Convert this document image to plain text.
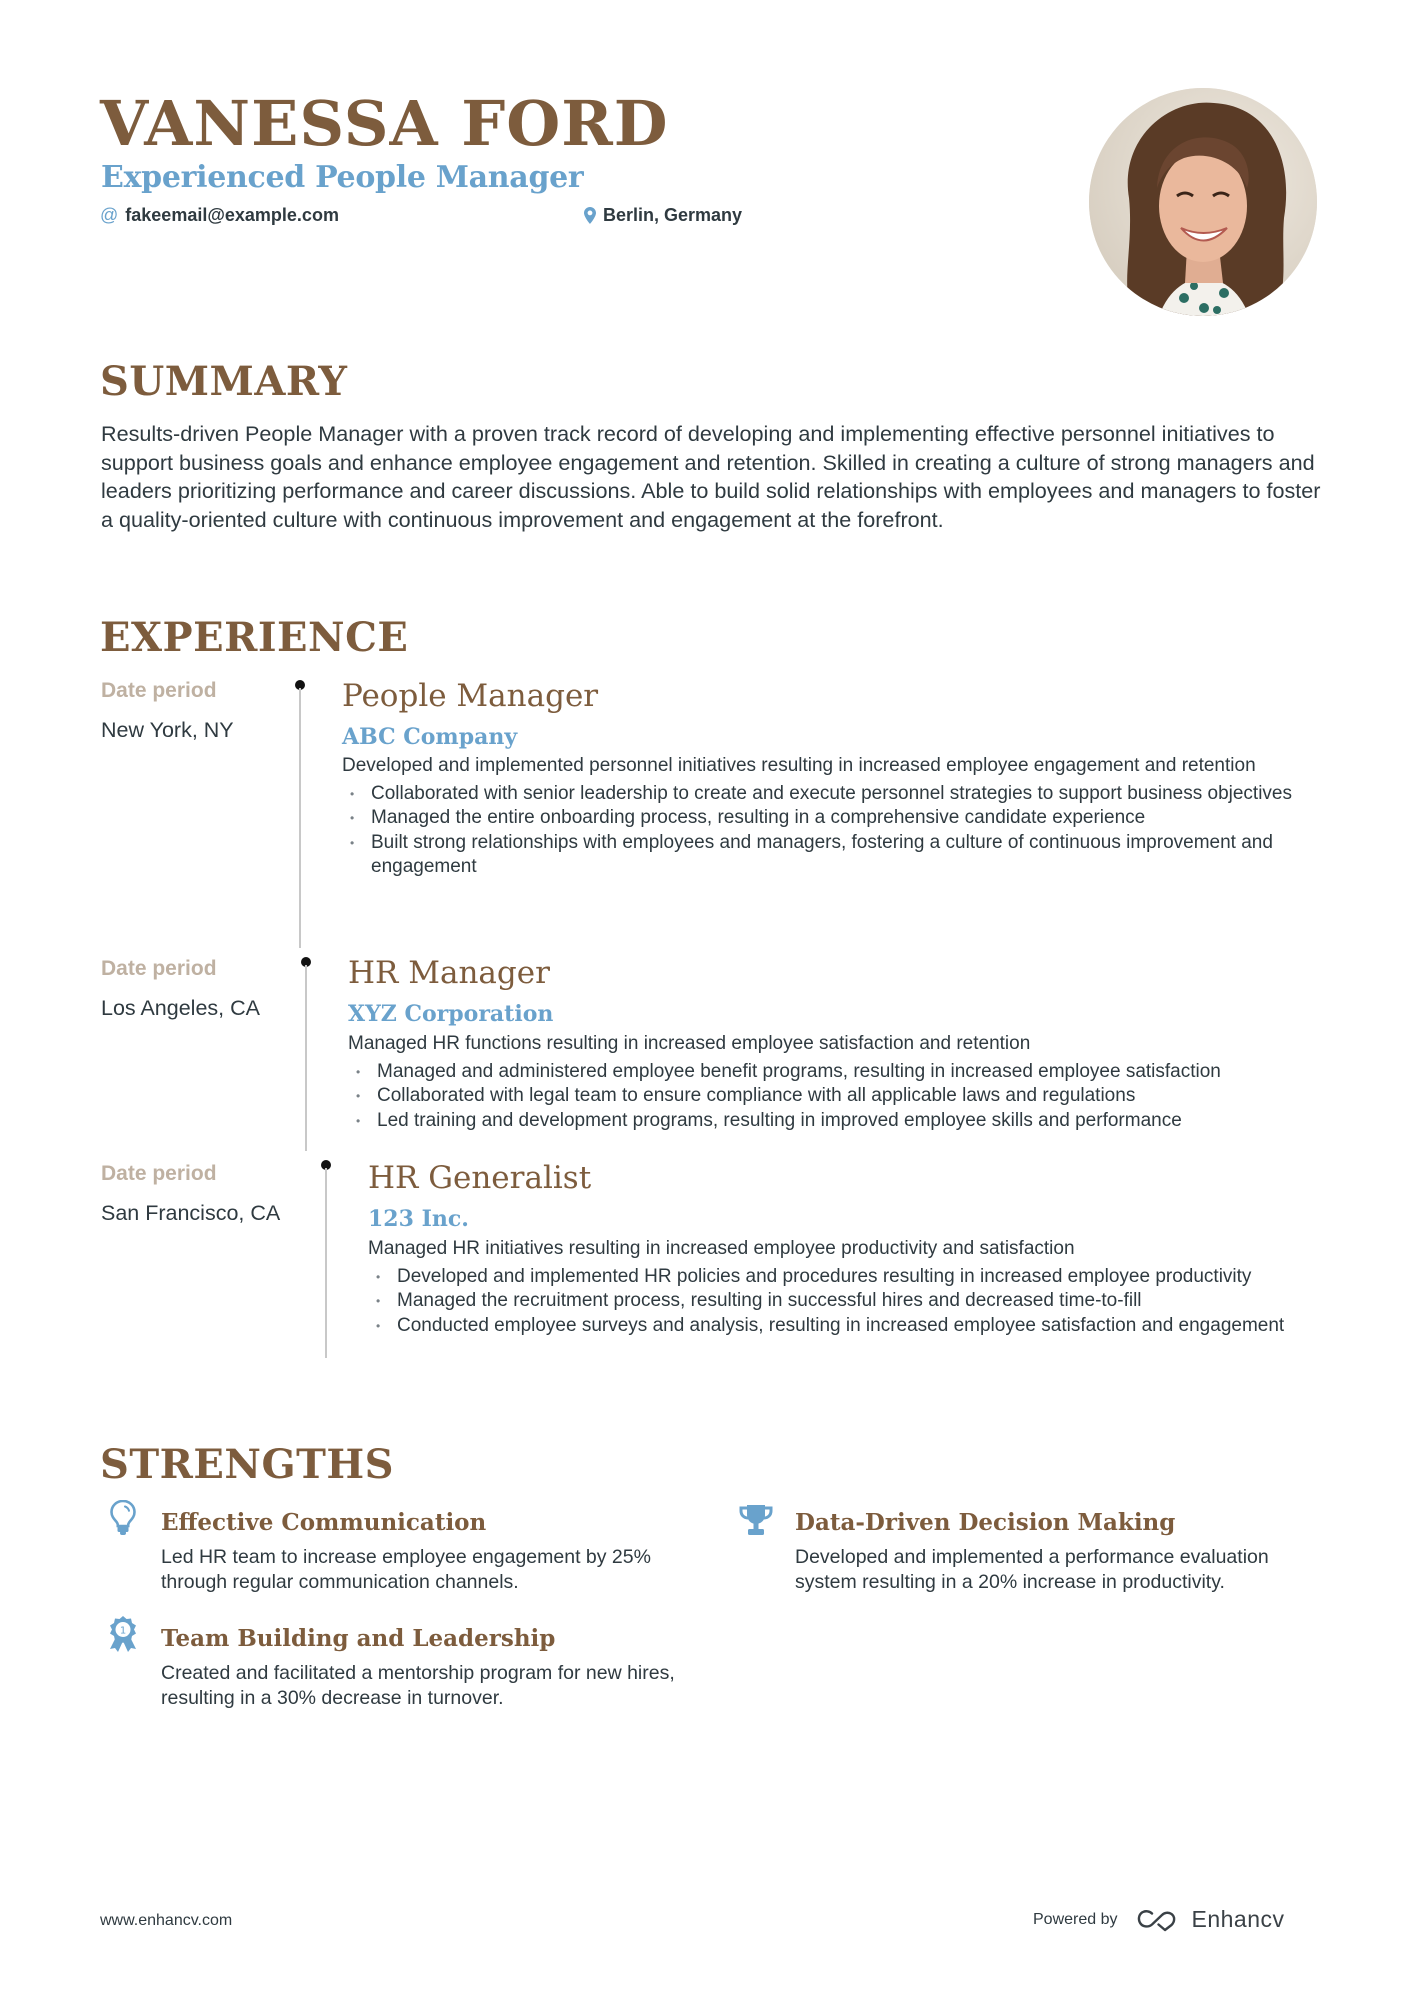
VANESSA FORD
Experienced People Manager
@ fakeemail@example.com	Berlin, Germany
SUMMARY
Results-driven People Manager with a proven track record of developing and implementing effective personnel initiatives to support business goals and enhance employee engagement and retention. Skilled in creating a culture of strong managers and leaders prioritizing performance and career discussions. Able to build solid relationships with employees and managers to foster a quality-oriented culture with continuous improvement and engagement at the forefront.
EXPERIENCE
Date period
New York, NY
People Manager
ABC Company
Developed and implemented personnel initiatives resulting in increased employee engagement and retention
• Collaborated with senior leadership to create and execute personnel strategies to support business objectives
• Managed the entire onboarding process, resulting in a comprehensive candidate experience
• Built strong relationships with employees and managers, fostering a culture of continuous improvement and engagement
Date period
Los Angeles, CA
HR Manager
XYZ Corporation
Managed HR functions resulting in increased employee satisfaction and retention
• Managed and administered employee benefit programs, resulting in increased employee satisfaction
• Collaborated with legal team to ensure compliance with all applicable laws and regulations
• Led training and development programs, resulting in improved employee skills and performance
Date period
San Francisco, CA
HR Generalist
123 Inc.
Managed HR initiatives resulting in increased employee productivity and satisfaction
• Developed and implemented HR policies and procedures resulting in increased employee productivity
• Managed the recruitment process, resulting in successful hires and decreased time-to-fill
• Conducted employee surveys and analysis, resulting in increased employee satisfaction and engagement
STRENGTHS
Effective Communication
Led HR team to increase employee engagement by 25% through regular communication channels.
Data-Driven Decision Making
Developed and implemented a performance evaluation system resulting in a 20% increase in productivity.
1 Team Building and Leadership
Created and facilitated a mentorship program for new hires, resulting in a 30% decrease in turnover.
www.enhancv.com	Powered by	Enhancv
